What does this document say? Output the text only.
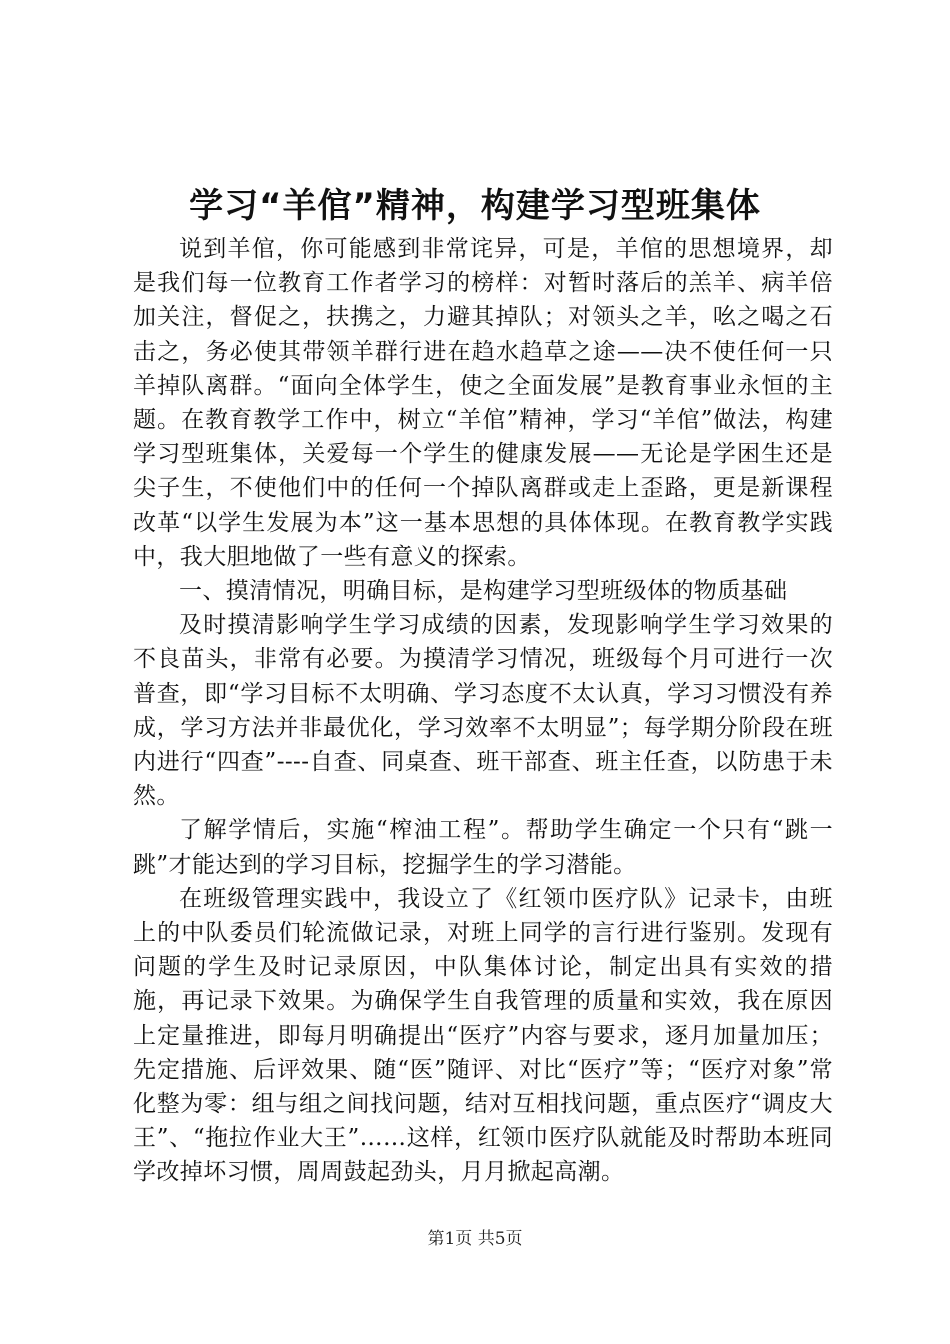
学习“羊倌”精神，构建学习型班集体

说到羊倌，你可能感到非常诧异，可是，羊倌的思想境界，却是我们每一位教育工作者学习的榜样：对暂时落后的羔羊、病羊倍加关注，督促之，扶携之，力避其掉队；对领头之羊，吆之喝之石击之，务必使其带领羊群行进在趋水趋草之途——决不使任何一只羊掉队离群。“面向全体学生，使之全面发展”是教育事业永恒的主题。在教育教学工作中，树立“羊倌”精神，学习“羊倌”做法，构建学习型班集体，关爱每一个学生的健康发展——无论是学困生还是尖子生，不使他们中的任何一个掉队离群或走上歪路，更是新课程改革“以学生发展为本”这一基本思想的具体体现。在教育教学实践中，我大胆地做了一些有意义的探索。

一、摸清情况，明确目标，是构建学习型班级体的物质基础

及时摸清影响学生学习成绩的因素，发现影响学生学习效果的不良苗头，非常有必要。为摸清学习情况，班级每个月可进行一次普查，即“学习目标不太明确、学习态度不太认真，学习习惯没有养成，学习方法并非最优化，学习效率不太明显”；每学期分阶段在班内进行“四查”----自查、同桌查、班干部查、班主任查，以防患于未然。

了解学情后，实施“榨油工程”。帮助学生确定一个只有“跳一跳”才能达到的学习目标，挖掘学生的学习潜能。

在班级管理实践中，我设立了《红领巾医疗队》记录卡，由班上的中队委员们轮流做记录，对班上同学的言行进行鉴别。发现有问题的学生及时记录原因，中队集体讨论，制定出具有实效的措施，再记录下效果。为确保学生自我管理的质量和实效，我在原因上定量推进，即每月明确提出“医疗”内容与要求，逐月加量加压；先定措施、后评效果、随“医”随评、对比“医疗”等；“医疗对象”常化整为零：组与组之间找问题，结对互相找问题，重点医疗“调皮大王”、“拖拉作业大王”……这样，红领巾医疗队就能及时帮助本班同学改掉坏习惯，周周鼓起劲头，月月掀起高潮。

第1页 共5页
